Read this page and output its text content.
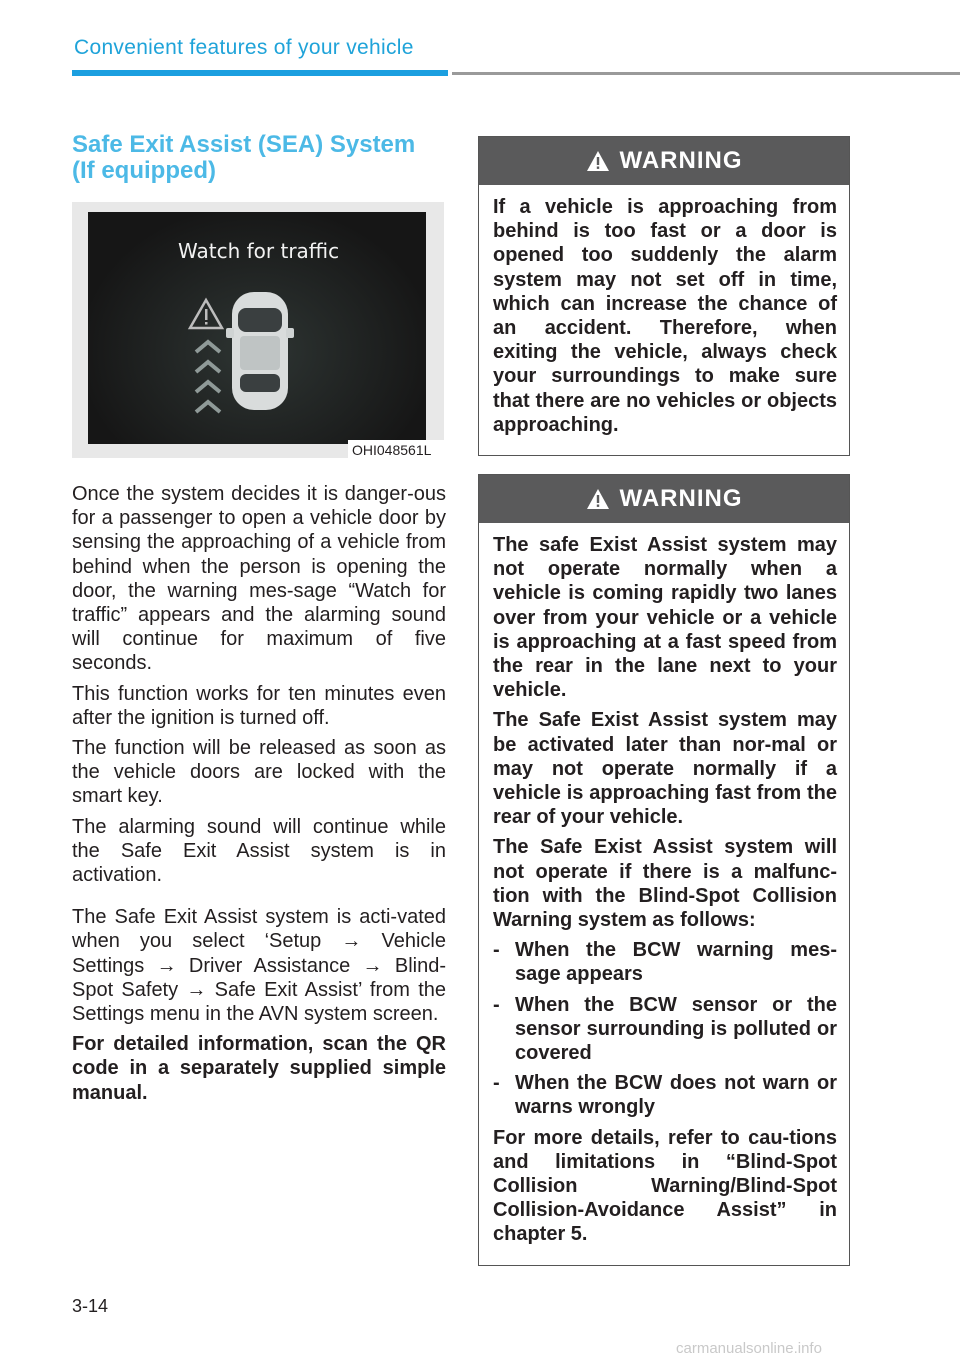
Convenient features of your vehicle
Safe Exit Assist (SEA) System
(If equipped)
Watch for traffic
OHI048561L

Once the system decides it is danger-ous for a passenger to open a vehicle door by sensing the approaching of a vehicle from behind when the person is opening the door, the warning mes-sage “Watch for traffic” appears and the alarming sound will continue for maximum of five seconds.

This function works for ten minutes even after the ignition is turned off.

The function will be released as soon as the vehicle doors are locked with the smart key.

The alarming sound will continue while the Safe Exit Assist system is in activation.

The Safe Exit Assist system is acti-vated when you select ‘Setup → Vehicle Settings → Driver Assistance → Blind-Spot Safety → Safe Exit Assist’ from the Settings menu in the AVN system screen.

For detailed information, scan the QR code in a separately supplied simple manual.

WARNING

If a vehicle is approaching from behind is too fast or a door is opened too suddenly the alarm system may not set off in time, which can increase the chance of an accident. Therefore, when exiting the vehicle, always check your surroundings to make sure that there are no vehicles or objects approaching.

WARNING

The safe Exist Assist system may not operate normally when a vehicle is coming rapidly two lanes over from your vehicle or a vehicle is approaching at a fast speed from the rear in the lane next to your vehicle.

The Safe Exist Assist system may be activated later than nor-mal or may not operate normally if a vehicle is approaching fast from the rear of your vehicle.

The Safe Exist Assist system will not operate if there is a malfunc-tion with the Blind-Spot Collision Warning system as follows:

- When the BCW warning mes-sage appears
- When the BCW sensor or the sensor surrounding is polluted or covered
- When the BCW does not warn or warns wrongly

For more details, refer to cau-tions and limitations in “Blind-Spot Collision Warning/Blind-Spot Collision-Avoidance Assist” in chapter 5.

3-14
carmanualsonline.info
